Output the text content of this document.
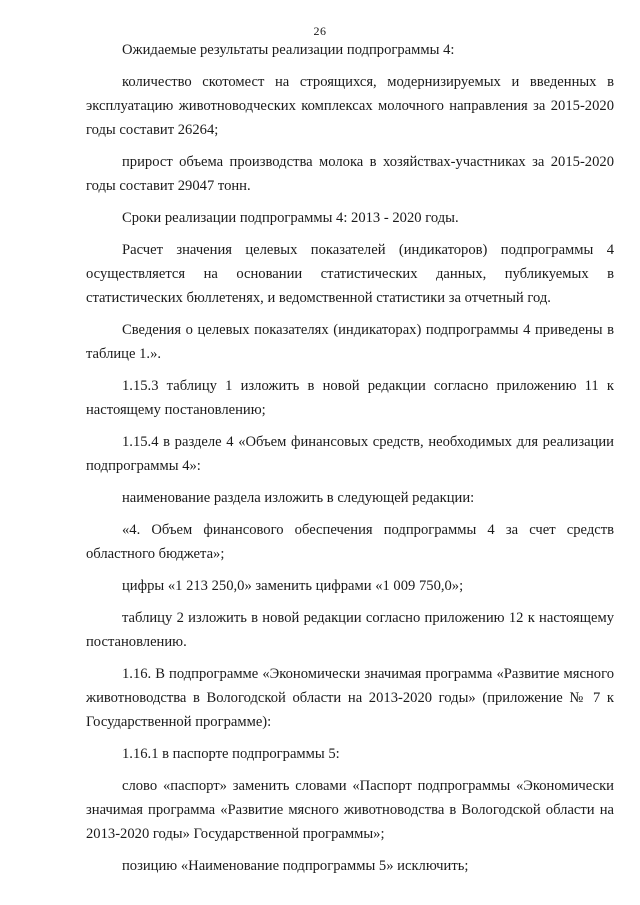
26

Ожидаемые результаты реализации подпрограммы 4:

количество скотомест на строящихся, модернизируемых и введенных в эксплуатацию животноводческих комплексах молочного направления за 2015-2020 годы составит 26264;

прирост объема производства молока в хозяйствах-участниках за 2015-2020 годы составит 29047 тонн.

Сроки реализации подпрограммы 4: 2013 - 2020 годы.

Расчет значения целевых показателей (индикаторов) подпрограммы 4 осуществляется на основании статистических данных, публикуемых в статистических бюллетенях, и ведомственной статистики за отчетный год.

Сведения о целевых показателях (индикаторах) подпрограммы 4 приведены в таблице 1.».

1.15.3 таблицу 1 изложить в новой редакции согласно приложению 11 к настоящему постановлению;

1.15.4 в разделе 4 «Объем финансовых средств, необходимых для реализации подпрограммы 4»:

наименование раздела изложить в следующей редакции:

«4. Объем финансового обеспечения подпрограммы 4 за счет средств областного бюджета»;

цифры «1 213 250,0» заменить цифрами «1 009 750,0»;

таблицу 2 изложить в новой редакции согласно приложению 12 к настоящему постановлению.

1.16. В подпрограмме «Экономически значимая программа «Развитие мясного животноводства в Вологодской области на 2013-2020 годы» (приложение № 7 к Государственной программе):

1.16.1 в паспорте подпрограммы 5:

слово «паспорт» заменить словами «Паспорт подпрограммы «Экономически значимая программа «Развитие мясного животноводства в Вологодской области на 2013-2020 годы» Государственной программы»;

позицию «Наименование подпрограммы 5» исключить;
